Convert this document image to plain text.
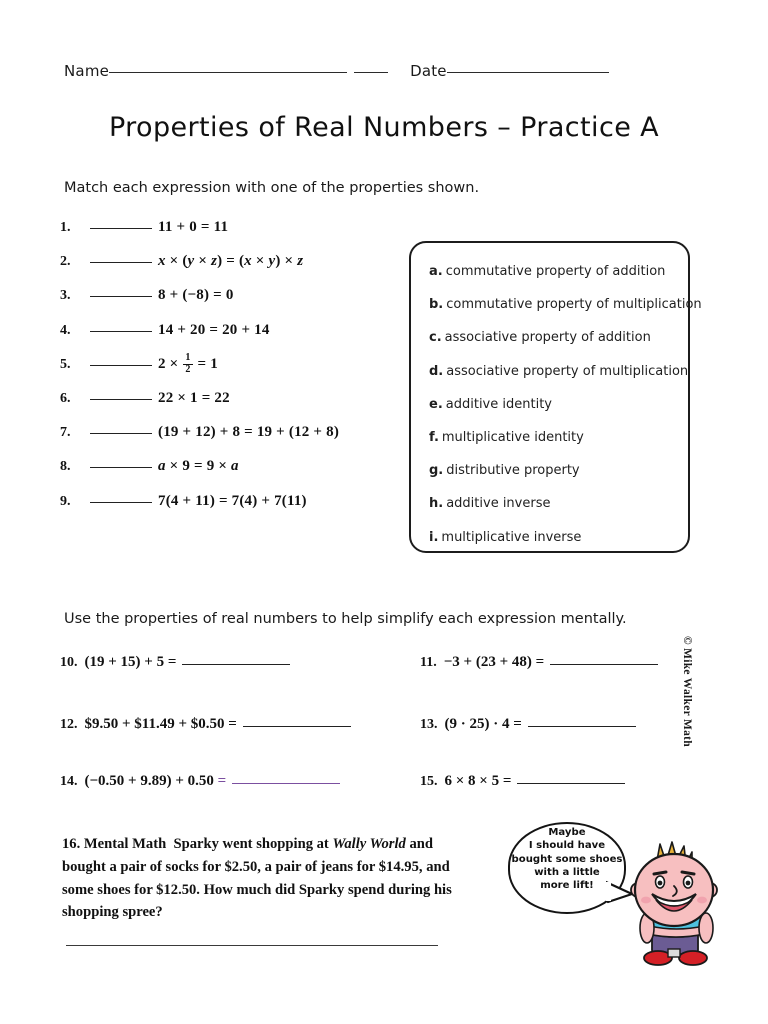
Name	Date
Properties of Real Numbers – Practice A
Match each expression with one of the properties shown.
1.	11 + 0 = 11
2.	x × (y × z) = (x × y) × z
3.	8 + (−8) = 0
4.	14 + 20 = 20 + 14
5.	$2 \times \frac{1}{2} = 1$
6.	22 × 1 = 22
7.	(19 + 12) + 8 = 19 + (12 + 8)
8.	a × 9 = 9 × a
9.	7(4 + 11) = 7(4) + 7(11)
a. commutative property of addition
b. commutative property of multiplication
c. associative property of addition
d. associative property of multiplication
e. additive identity
f. multiplicative identity
g. distributive property
h. additive inverse
i. multiplicative inverse
Use the properties of real numbers to help simplify each expression mentally.
10. (19 + 15) + 5 =	11. −3 + (23 + 48) =
12. $9.50 + $11.49 + $0.50 =	13. (9 · 25) · 4 =
14. (−0.50 + 9.89) + 0.50 =	15. 6 × 8 × 5 =
© Mike Walker Math
16. Mental Math Sparky went shopping at Wally World and bought a pair of socks for $2.50, a pair of jeans for $14.95, and some shoes for $12.50. How much did Sparky spend during his shopping spree?
Maybe
I should have
bought some shoes
with a little
more lift!
